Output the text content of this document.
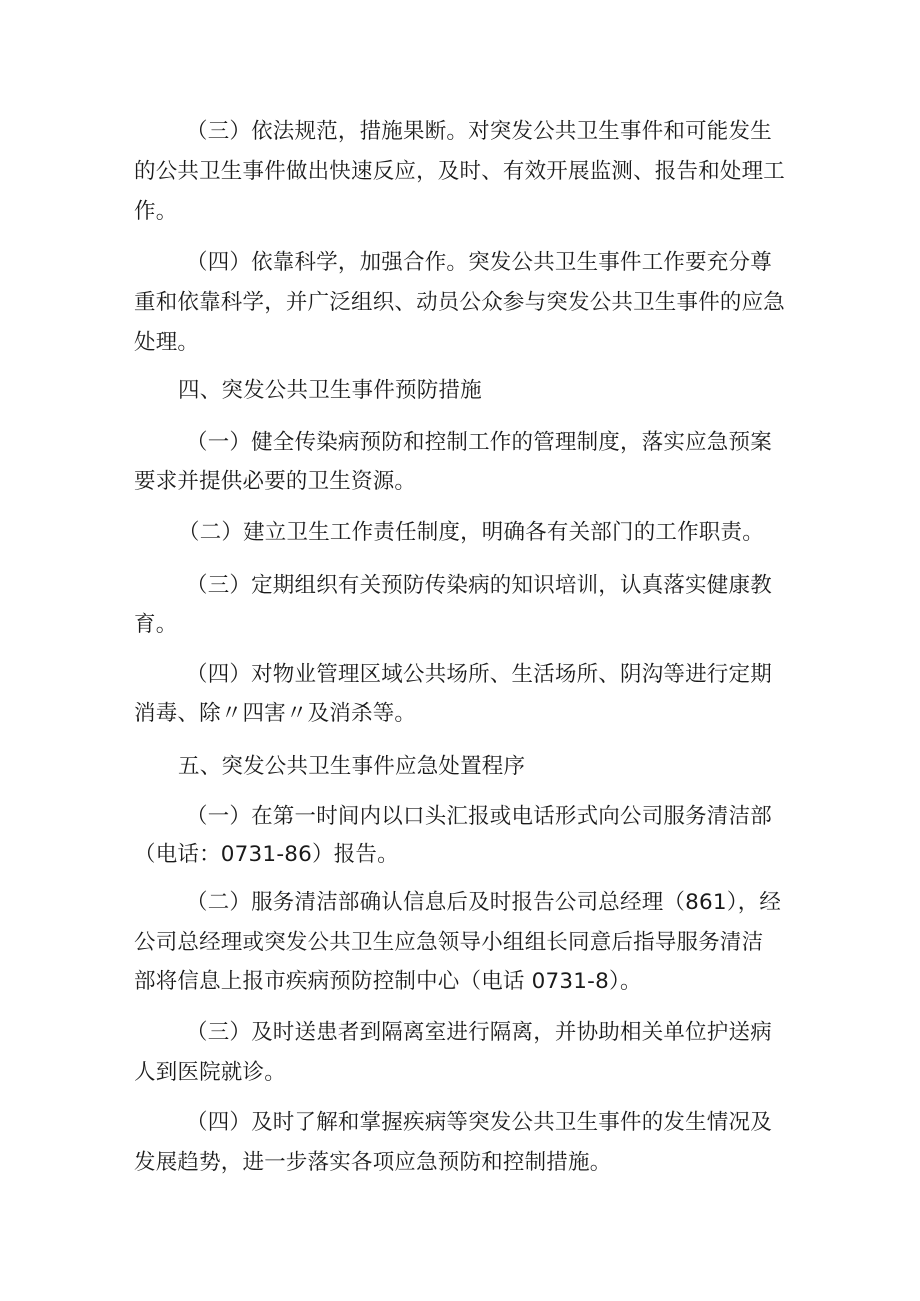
（三）依法规范，措施果断。对突发公共卫生事件和可能发生
的公共卫生事件做出快速反应，及时、有效开展监测、报告和处理工
作。
（四）依靠科学，加强合作。突发公共卫生事件工作要充分尊
重和依靠科学，并广泛组织、动员公众参与突发公共卫生事件的应急
处理。
四、突发公共卫生事件预防措施
（一）健全传染病预防和控制工作的管理制度，落实应急预案
要求并提供必要的卫生资源。
（二）建立卫生工作责任制度，明确各有关部门的工作职责。
（三）定期组织有关预防传染病的知识培训，认真落实健康教
育。
（四）对物业管理区域公共场所、生活场所、阴沟等进行定期
消毒、除〃四害〃及消杀等。
五、突发公共卫生事件应急处置程序
（一）在第一时间内以口头汇报或电话形式向公司服务清洁部
（电话：0731-86）报告。
（二）服务清洁部确认信息后及时报告公司总经理（861），经
公司总经理或突发公共卫生应急领导小组组长同意后指导服务清洁
部将信息上报市疾病预防控制中心（电话 0731-8）。
（三）及时送患者到隔离室进行隔离，并协助相关单位护送病
人到医院就诊。
（四）及时了解和掌握疾病等突发公共卫生事件的发生情况及
发展趋势，进一步落实各项应急预防和控制措施。
